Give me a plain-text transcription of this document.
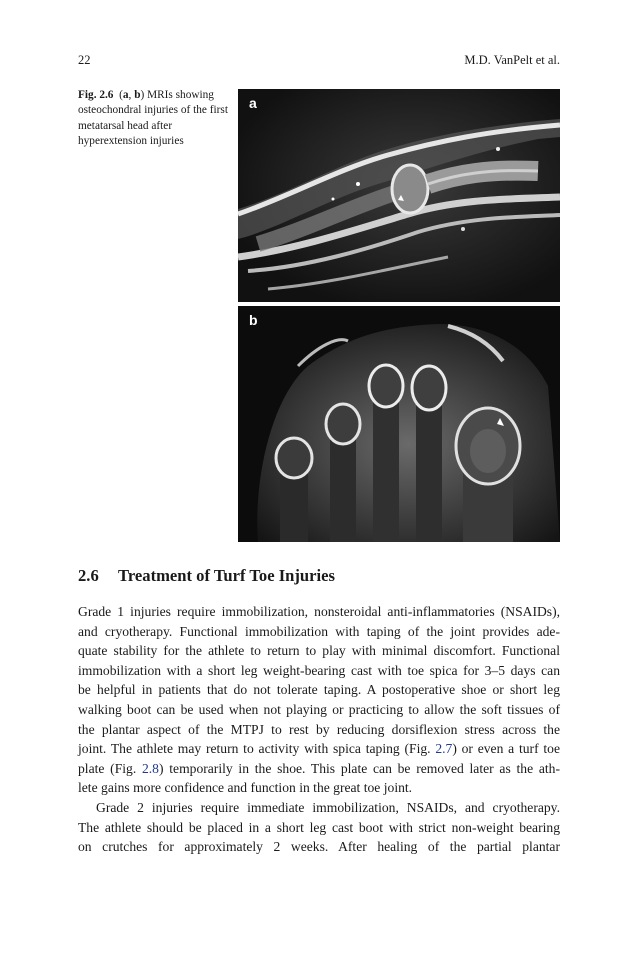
22	M.D. VanPelt et al.
Fig. 2.6 (a, b) MRIs showing osteochondral injuries of the first metatarsal head after hyperextension injuries
a
b
2.6 Treatment of Turf Toe Injuries

Grade 1 injuries require immobilization, nonsteroidal anti-inflammatories (NSAIDs),

and cryotherapy. Functional immobilization with taping of the joint provides ade-

quate stability for the athlete to return to play with minimal discomfort. Functional

immobilization with a short leg weight-bearing cast with toe spica for 3–5 days can

be helpful in patients that do not tolerate taping. A postoperative shoe or short leg

walking boot can be used when not playing or practicing to allow the soft tissues of

the plantar aspect of the MTPJ to rest by reducing dorsiflexion stress across the

joint. The athlete may return to activity with spica taping (Fig. 2.7) or even a turf toe

plate (Fig. 2.8) temporarily in the shoe. This plate can be removed later as the ath-

lete gains more confidence and function in the great toe joint.

Grade 2 injuries require immediate immobilization, NSAIDs, and cryotherapy.

The athlete should be placed in a short leg cast boot with strict non-weight bearing

on crutches for approximately 2 weeks. After healing of the partial plantar
